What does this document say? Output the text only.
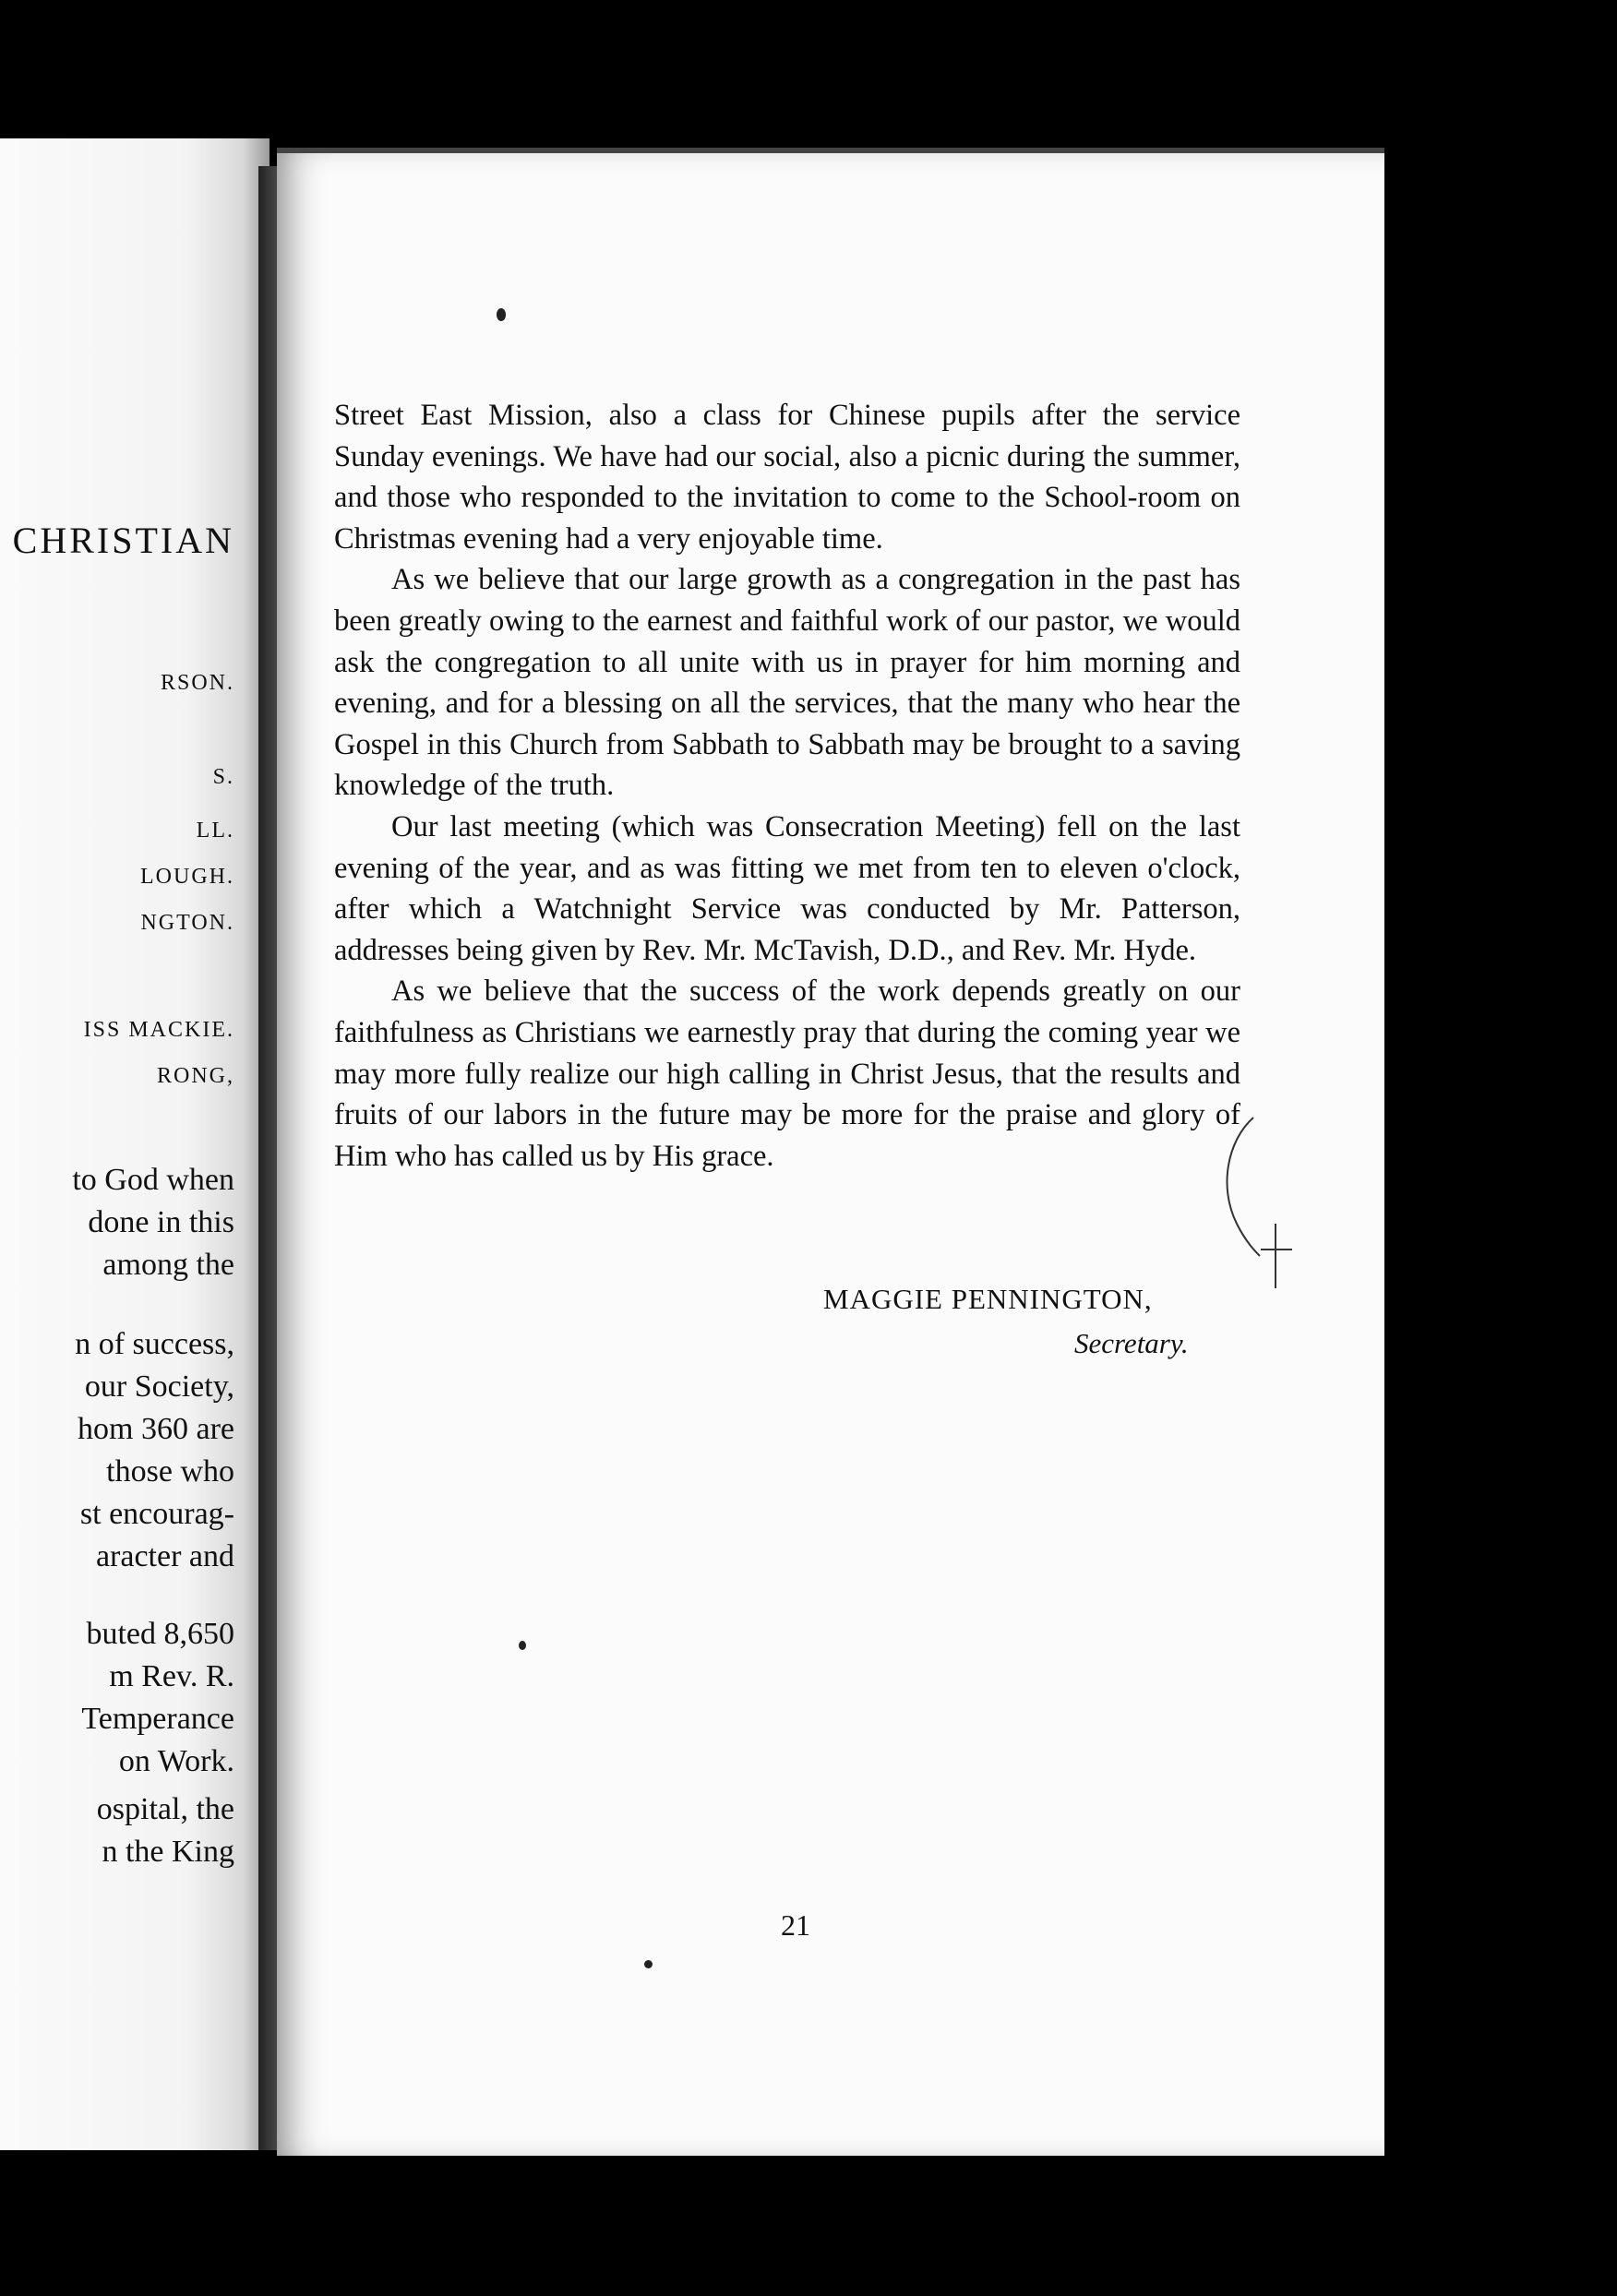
CHRISTIAN
RSON.
S.
LL.
LOUGH.
NGTON.
ISS MACKIE.
RONG,
to God when
done in this
among the
n of success,
our Society,
hom 360 are
those who
st encourag-
aracter and
buted 8,650
m Rev. R.
Temperance
on Work.
ospital, the
n the King

Street East Mission, also a class for Chinese pupils after the service Sunday evenings. We have had our social, also a picnic during the summer, and those who responded to the invitation to come to the School-room on Christmas evening had a very enjoyable time.

As we believe that our large growth as a congregation in the past has been greatly owing to the earnest and faithful work of our pastor, we would ask the congregation to all unite with us in prayer for him morning and evening, and for a blessing on all the services, that the many who hear the Gospel in this Church from Sabbath to Sabbath may be brought to a saving knowledge of the truth.

Our last meeting (which was Consecration Meeting) fell on the last evening of the year, and as was fitting we met from ten to eleven o'clock, after which a Watchnight Service was conducted by Mr. Patterson, addresses being given by Rev. Mr. McTavish, D.D., and Rev. Mr. Hyde.

As we believe that the success of the work depends greatly on our faithfulness as Christians we earnestly pray that during the coming year we may more fully realize our high calling in Christ Jesus, that the results and fruits of our labors in the future may be more for the praise and glory of Him who has called us by His grace.

MAGGIE PENNINGTON,
Secretary.
21
